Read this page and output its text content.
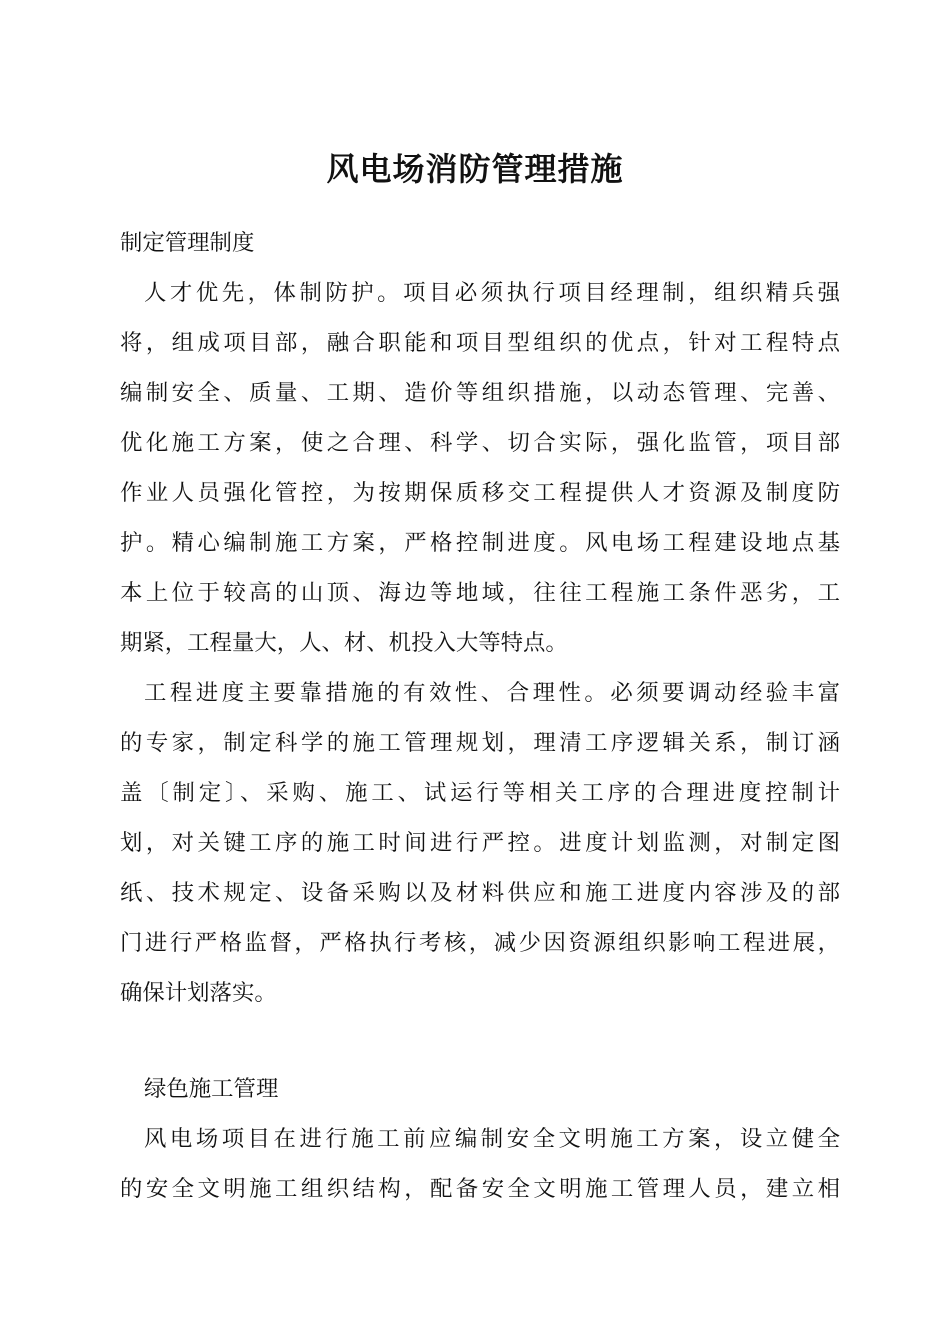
风电场消防管理措施
制定管理制度
人才优先，体制防护。项目必须执行项目经理制，组织精兵强
将，组成项目部，融合职能和项目型组织的优点，针对工程特点
编制安全、质量、工期、造价等组织措施，以动态管理、完善、
优化施工方案，使之合理、科学、切合实际，强化监管，项目部
作业人员强化管控，为按期保质移交工程提供人才资源及制度防
护。精心编制施工方案，严格控制进度。风电场工程建设地点基
本上位于较高的山顶、海边等地域，往往工程施工条件恶劣，工
期紧，工程量大，人、材、机投入大等特点。
工程进度主要靠措施的有效性、合理性。必须要调动经验丰富
的专家，制定科学的施工管理规划，理清工序逻辑关系，制订涵
盖〔制定〕、采购、施工、试运行等相关工序的合理进度控制计
划，对关键工序的施工时间进行严控。进度计划监测，对制定图
纸、技术规定、设备采购以及材料供应和施工进度内容涉及的部
门进行严格监督，严格执行考核，减少因资源组织影响工程进展，
确保计划落实。
绿色施工管理
风电场项目在进行施工前应编制安全文明施工方案，设立健全
的安全文明施工组织结构，配备安全文明施工管理人员，建立相
